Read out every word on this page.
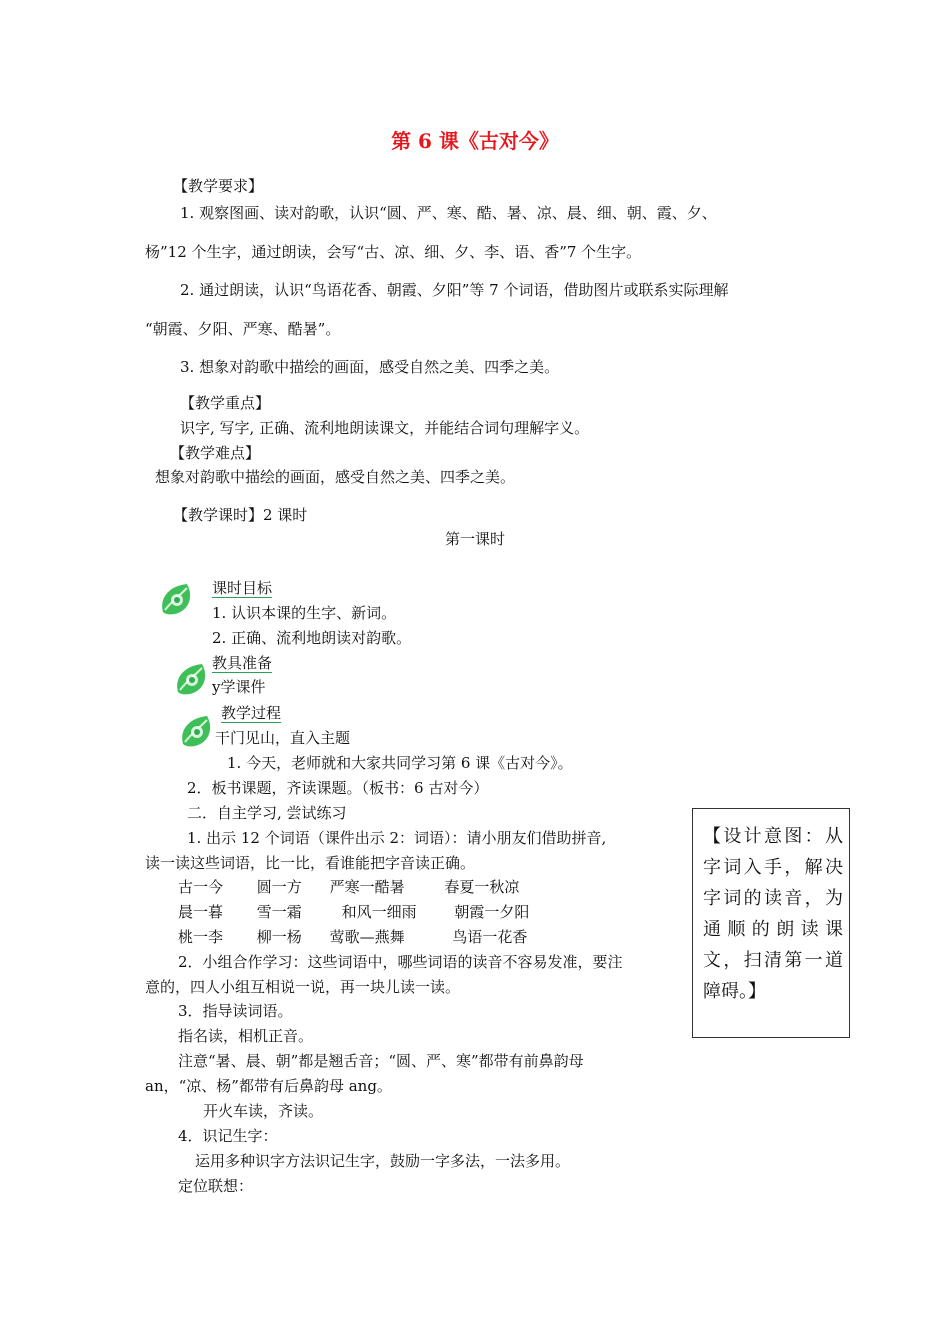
第 6 课《古对今》
【教学要求】
1. 观察图画、读对韵歌，认识“圆、严、寒、酷、暑、凉、晨、细、朝、霞、夕、
杨”12 个生字，通过朗读，会写“古、凉、细、夕、李、语、香”7 个生字。
2. 通过朗读，认识“鸟语花香、朝霞、夕阳”等 7 个词语，借助图片或联系实际理解
“朝霞、夕阳、严寒、酷暑”。
3. 想象对韵歌中描绘的画面，感受自然之美、四季之美。
【教学重点】
识字, 写字, 正确、流利地朗读课文，并能结合词句理解字义。
【教学难点】
想象对韵歌中描绘的画面，感受自然之美、四季之美。
【教学课时】2 课时
第一课时
课时目标
1. 认识本课的生字、新词。
2. 正确、流利地朗读对韵歌。
教具准备
y学课件
教学过程
干门见山，直入主题
1. 今天，老师就和大家共同学习第 6 课《古对今》。
2．板书课题，齐读课题。（板书：6 古对今）
二．自主学习, 尝试练习
1. 出示 12 个词语（课件出示 2：词语）：请小朋友们借助拼音,
读一读这些词语，比一比，看谁能把字音读正确。
古一今 圆一方 严寒一酷暑	春夏一秋凉
晨一暮 雪一霜	和风一细雨	朝霞一夕阳
桃一李 柳一杨 莺歌—燕舞	鸟语一花香
2．小组合作学习：这些词语中，哪些词语的读音不容易发准，要注
意的，四人小组互相说一说，再一块儿读一读。
3．指导读词语。
指名读，相机正音。
注意“暑、晨、朝”都是翘舌音；“圆、严、寒”都带有前鼻韵母
an，“凉、杨”都带有后鼻韵母 ang。
开火车读，齐读。
4．识记生字：
运用多种识字方法识记生字，鼓励一字多法，一法多用。
定位联想：
【设计意图：从字词入手，解决字词的读音，为通顺的朗读课文，扫清第一道障碍。】
